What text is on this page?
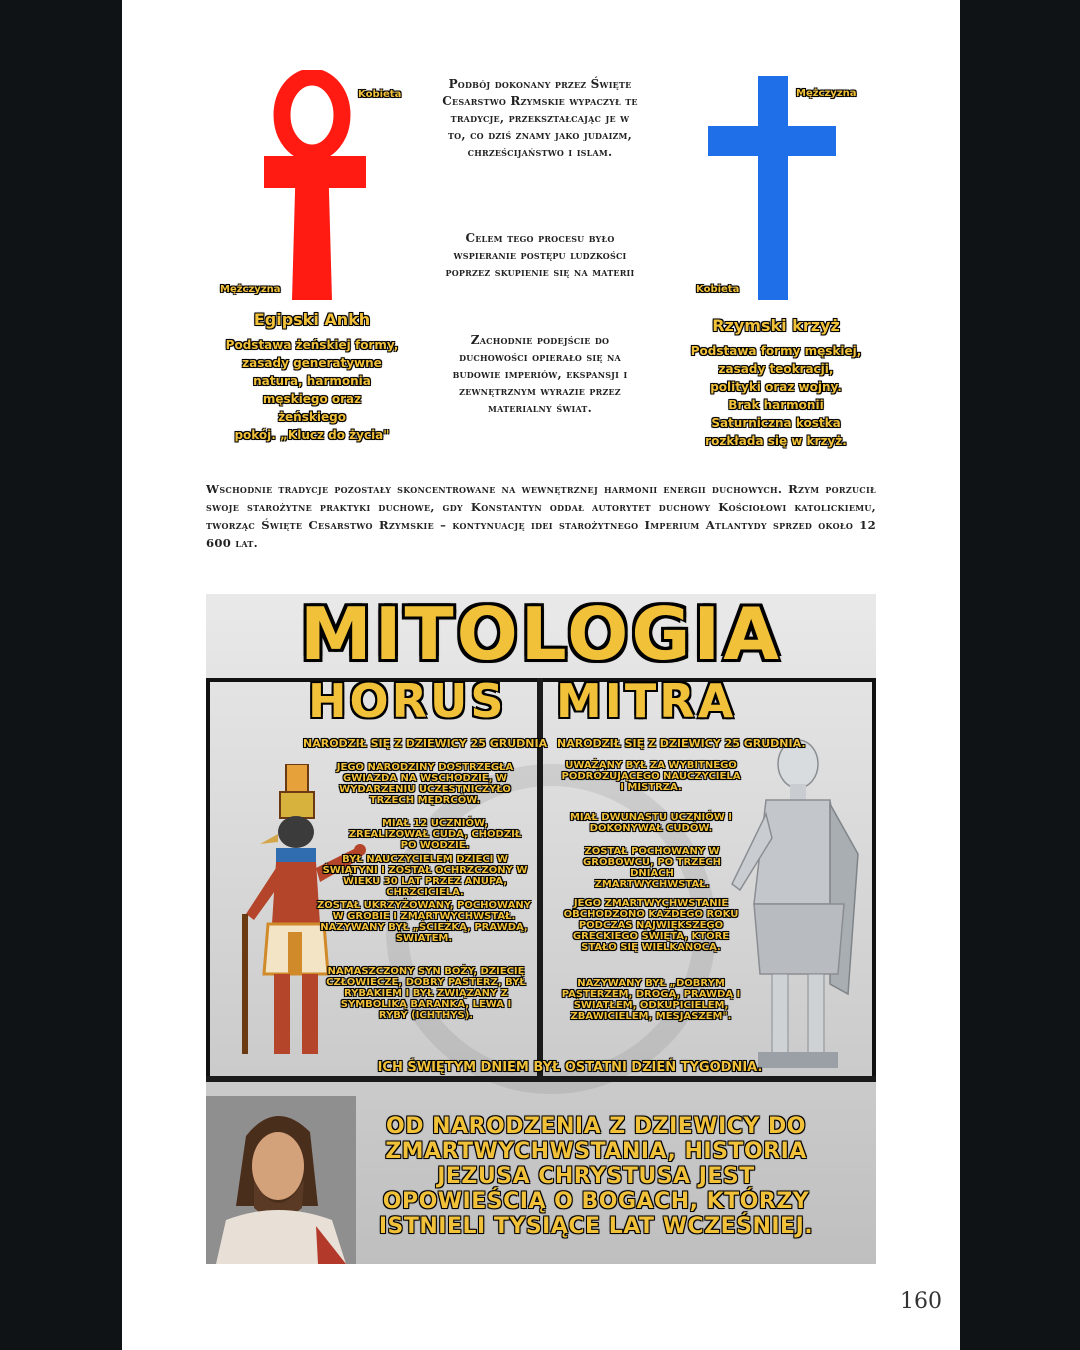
Kobieta
Mężczyzna
Egipski Ankh
Podstawa żeńskiej formy,
zasady generatywne
natura, harmonia
męskiego oraz
żeńskiego
pokój. „Klucz do życia"
Podbój dokonany przez Święte Cesarstwo Rzymskie wypaczył te tradycje, przekształcając je w to, co dziś znamy jako judaizm, chrześcijaństwo i islam.
Celem tego procesu było wspieranie postępu ludzkości poprzez skupienie się na materii
Zachodnie podejście do duchowości opierało się na budowie imperiów, ekspansji i zewnętrznym wyrazie przez materialny świat.
Mężczyzna
Kobieta
Rzymski krzyż
Podstawa formy męskiej,
zasady teokracji,
polityki oraz wojny.
Brak harmonii
Saturniczna kostka
rozkłada się w krzyż.
Wschodnie tradycje pozostały skoncentrowane na wewnętrznej harmonii energii duchowych. Rzym porzucił swoje starożytne praktyki duchowe, gdy Konstantyn oddał autorytet duchowy Kościołowi katolickiemu, tworząc Święte Cesarstwo Rzymskie – kontynuację idei starożytnego Imperium Atlantydy sprzed około 12 600 lat.
MITOLOGIA
HORUS MITRA
NARODZIŁ SIĘ Z DZIEWICY 25 GRUDNIA
JEGO NARODZINY DOSTRZEGŁA GWIAZDA NA WSCHODZIE, W WYDARZENIU UCZESTNICZYŁO TRZECH MĘDRCÓW.
MIAŁ 12 UCZNIÓW, ZREALIZOWAŁ CUDA, CHODZIŁ PO WODZIE.
BYŁ NAUCZYCIELEM DZIECI W ŚWIĄTYNI I ZOSTAŁ OCHRZCZONY W WIEKU 30 LAT PRZEZ ANUPA, CHRZCICIELA.
ZOSTAŁ UKRZYŻOWANY, POCHOWANY W GROBIE I ZMARTWYCHWSTAŁ. NAZYWANY BYŁ „ŚCIEŻKĄ, PRAWDĄ, ŚWIATEM.
NAMASZCZONY SYN BOŻY, DZIECIĘ CZŁOWIECZE, DOBRY PASTERZ, BYŁ RYBAKIEM I BYŁ ZWIĄZANY Z SYMBOLIKĄ BARANKA, LEWA I RYBY (ICHTHYS).
NARODZIŁ SIĘ Z DZIEWICY 25 GRUDNIA.
UWAŻANY BYŁ ZA WYBITNEGO PODRÓŻUJĄCEGO NAUCZYCIELA I MISTRZA.
MIAŁ DWUNASTU UCZNIÓW I DOKONYWAŁ CUDÓW.
ZOSTAŁ POCHOWANY W GROBOWCU, PO TRZECH DNIACH ZMARTWYCHWSTAŁ.
JEGO ZMARTWYCHWSTANIE OBCHODZONO KAŻDEGO ROKU PODCZAS NAJWIĘKSZEGO GRECKIEGO ŚWIĘTA, KTÓRE STAŁO SIĘ WIELKANOCĄ.
NAZYWANY BYŁ „DOBRYM PASTERZEM, DROGĄ, PRAWDĄ I ŚWIATŁEM, ODKUPICIELEM, ZBAWICIELEM, MESJASZEM".
ICH ŚWIĘTYM DNIEM BYŁ OSTATNI DZIEŃ TYGODNIA.
OD NARODZENIA Z DZIEWICY DO ZMARTWYCHWSTANIA, HISTORIA JEZUSA CHRYSTUSA JEST OPOWIEŚCIĄ O BOGACH, KTÓRZY ISTNIELI TYSIĄCE LAT WCZEŚNIEJ.
160
